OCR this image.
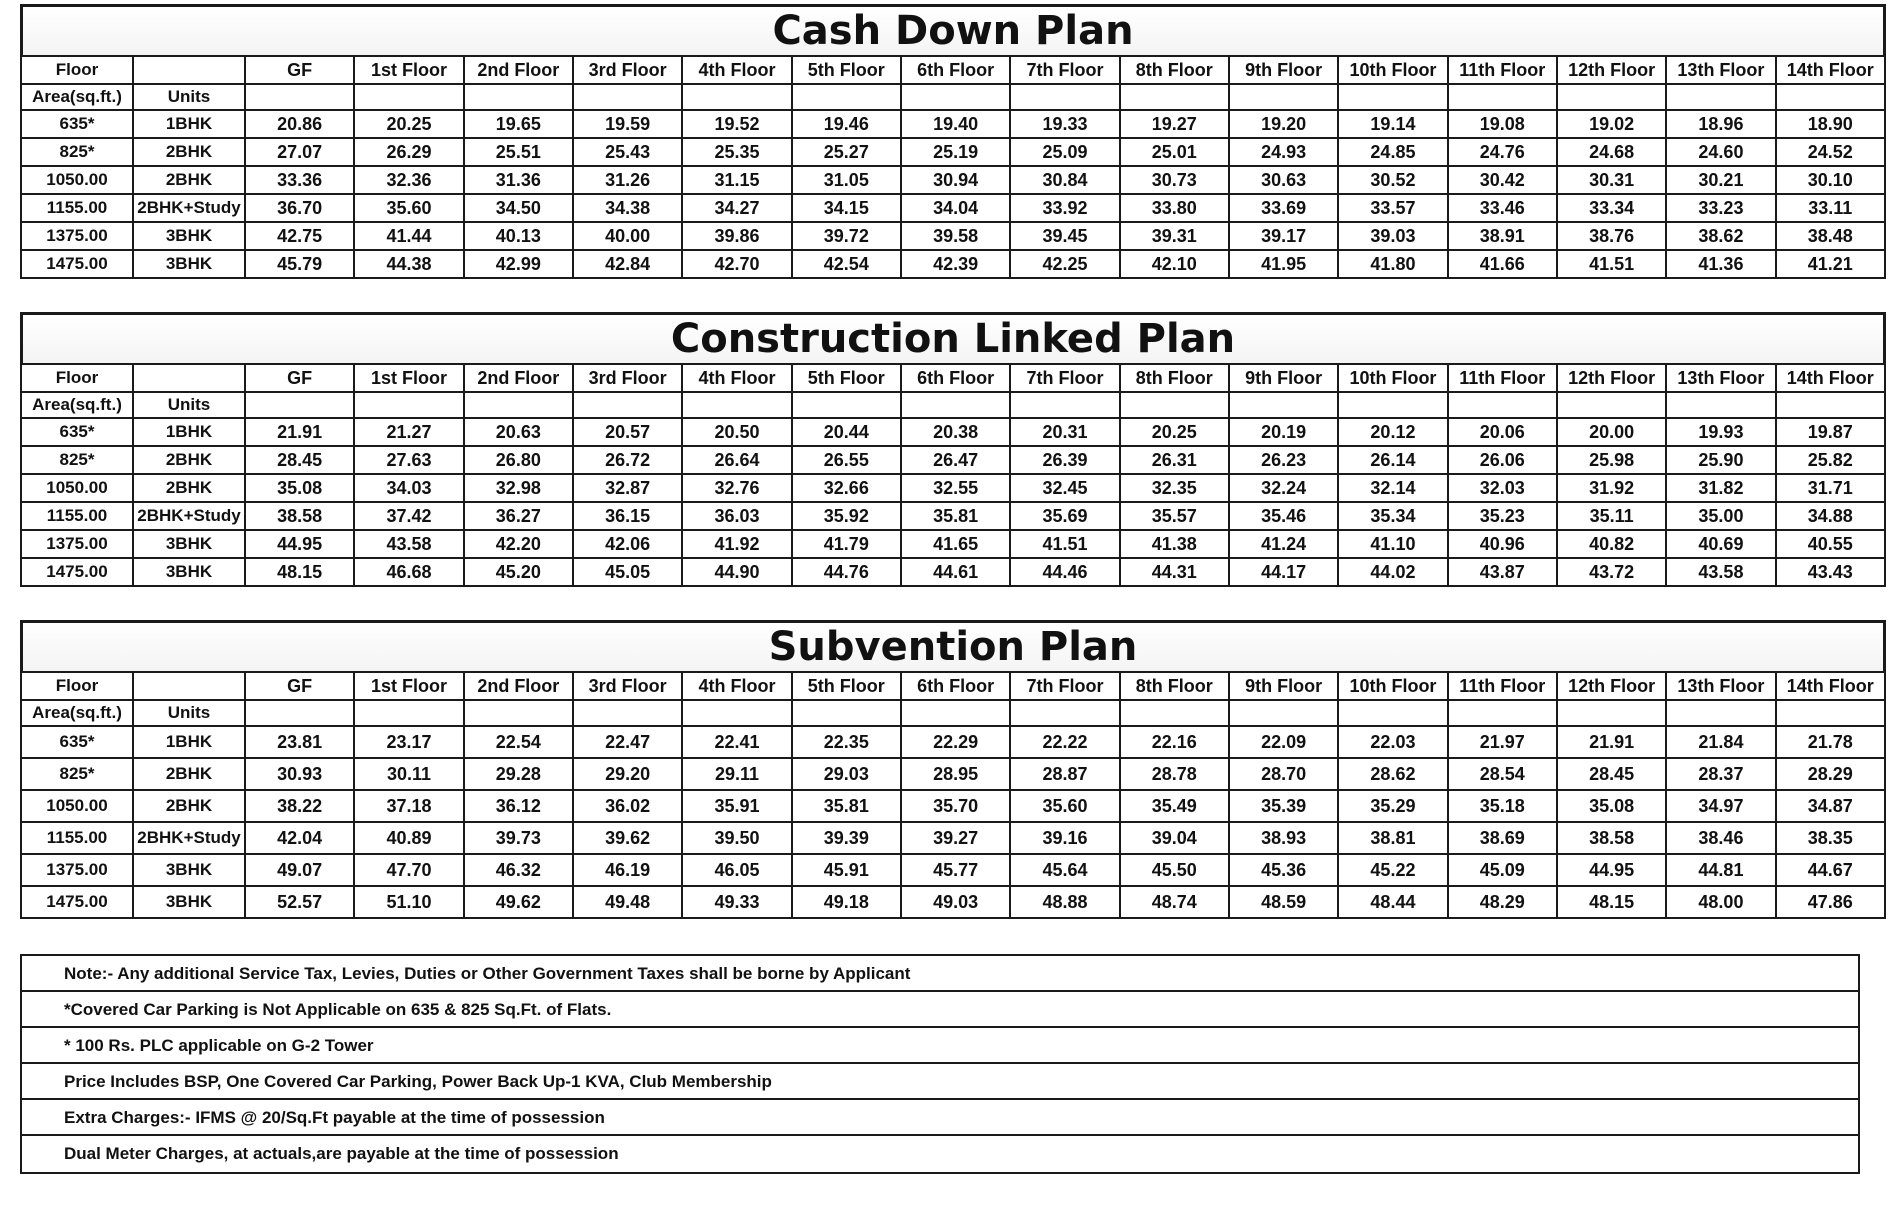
Cash Down Plan
Floor		GF	1st Floor	2nd Floor	3rd Floor	4th Floor	5th Floor	6th Floor	7th Floor	8th Floor	9th Floor	10th Floor	11th Floor	12th Floor	13th Floor	14th Floor
Area(sq.ft.)	Units															
635*	1BHK	20.86	20.25	19.65	19.59	19.52	19.46	19.40	19.33	19.27	19.20	19.14	19.08	19.02	18.96	18.90
825*	2BHK	27.07	26.29	25.51	25.43	25.35	25.27	25.19	25.09	25.01	24.93	24.85	24.76	24.68	24.60	24.52
1050.00	2BHK	33.36	32.36	31.36	31.26	31.15	31.05	30.94	30.84	30.73	30.63	30.52	30.42	30.31	30.21	30.10
1155.00	2BHK+Study	36.70	35.60	34.50	34.38	34.27	34.15	34.04	33.92	33.80	33.69	33.57	33.46	33.34	33.23	33.11
1375.00	3BHK	42.75	41.44	40.13	40.00	39.86	39.72	39.58	39.45	39.31	39.17	39.03	38.91	38.76	38.62	38.48
1475.00	3BHK	45.79	44.38	42.99	42.84	42.70	42.54	42.39	42.25	42.10	41.95	41.80	41.66	41.51	41.36	41.21
Construction Linked Plan
Floor		GF	1st Floor	2nd Floor	3rd Floor	4th Floor	5th Floor	6th Floor	7th Floor	8th Floor	9th Floor	10th Floor	11th Floor	12th Floor	13th Floor	14th Floor
Area(sq.ft.)	Units															
635*	1BHK	21.91	21.27	20.63	20.57	20.50	20.44	20.38	20.31	20.25	20.19	20.12	20.06	20.00	19.93	19.87
825*	2BHK	28.45	27.63	26.80	26.72	26.64	26.55	26.47	26.39	26.31	26.23	26.14	26.06	25.98	25.90	25.82
1050.00	2BHK	35.08	34.03	32.98	32.87	32.76	32.66	32.55	32.45	32.35	32.24	32.14	32.03	31.92	31.82	31.71
1155.00	2BHK+Study	38.58	37.42	36.27	36.15	36.03	35.92	35.81	35.69	35.57	35.46	35.34	35.23	35.11	35.00	34.88
1375.00	3BHK	44.95	43.58	42.20	42.06	41.92	41.79	41.65	41.51	41.38	41.24	41.10	40.96	40.82	40.69	40.55
1475.00	3BHK	48.15	46.68	45.20	45.05	44.90	44.76	44.61	44.46	44.31	44.17	44.02	43.87	43.72	43.58	43.43
Subvention Plan
Floor		GF	1st Floor	2nd Floor	3rd Floor	4th Floor	5th Floor	6th Floor	7th Floor	8th Floor	9th Floor	10th Floor	11th Floor	12th Floor	13th Floor	14th Floor
Area(sq.ft.)	Units															
635*	1BHK	23.81	23.17	22.54	22.47	22.41	22.35	22.29	22.22	22.16	22.09	22.03	21.97	21.91	21.84	21.78
825*	2BHK	30.93	30.11	29.28	29.20	29.11	29.03	28.95	28.87	28.78	28.70	28.62	28.54	28.45	28.37	28.29
1050.00	2BHK	38.22	37.18	36.12	36.02	35.91	35.81	35.70	35.60	35.49	35.39	35.29	35.18	35.08	34.97	34.87
1155.00	2BHK+Study	42.04	40.89	39.73	39.62	39.50	39.39	39.27	39.16	39.04	38.93	38.81	38.69	38.58	38.46	38.35
1375.00	3BHK	49.07	47.70	46.32	46.19	46.05	45.91	45.77	45.64	45.50	45.36	45.22	45.09	44.95	44.81	44.67
1475.00	3BHK	52.57	51.10	49.62	49.48	49.33	49.18	49.03	48.88	48.74	48.59	48.44	48.29	48.15	48.00	47.86
Note:- Any additional Service Tax, Levies, Duties or Other Government Taxes shall be borne by Applicant
*Covered Car Parking is Not Applicable on 635 & 825 Sq.Ft. of Flats.
* 100 Rs. PLC applicable on G-2 Tower
Price Includes BSP, One Covered Car Parking, Power Back Up-1 KVA, Club Membership
Extra Charges:- IFMS @ 20/Sq.Ft payable at the time of possession
Dual Meter Charges, at actuals,are payable at the time of possession
